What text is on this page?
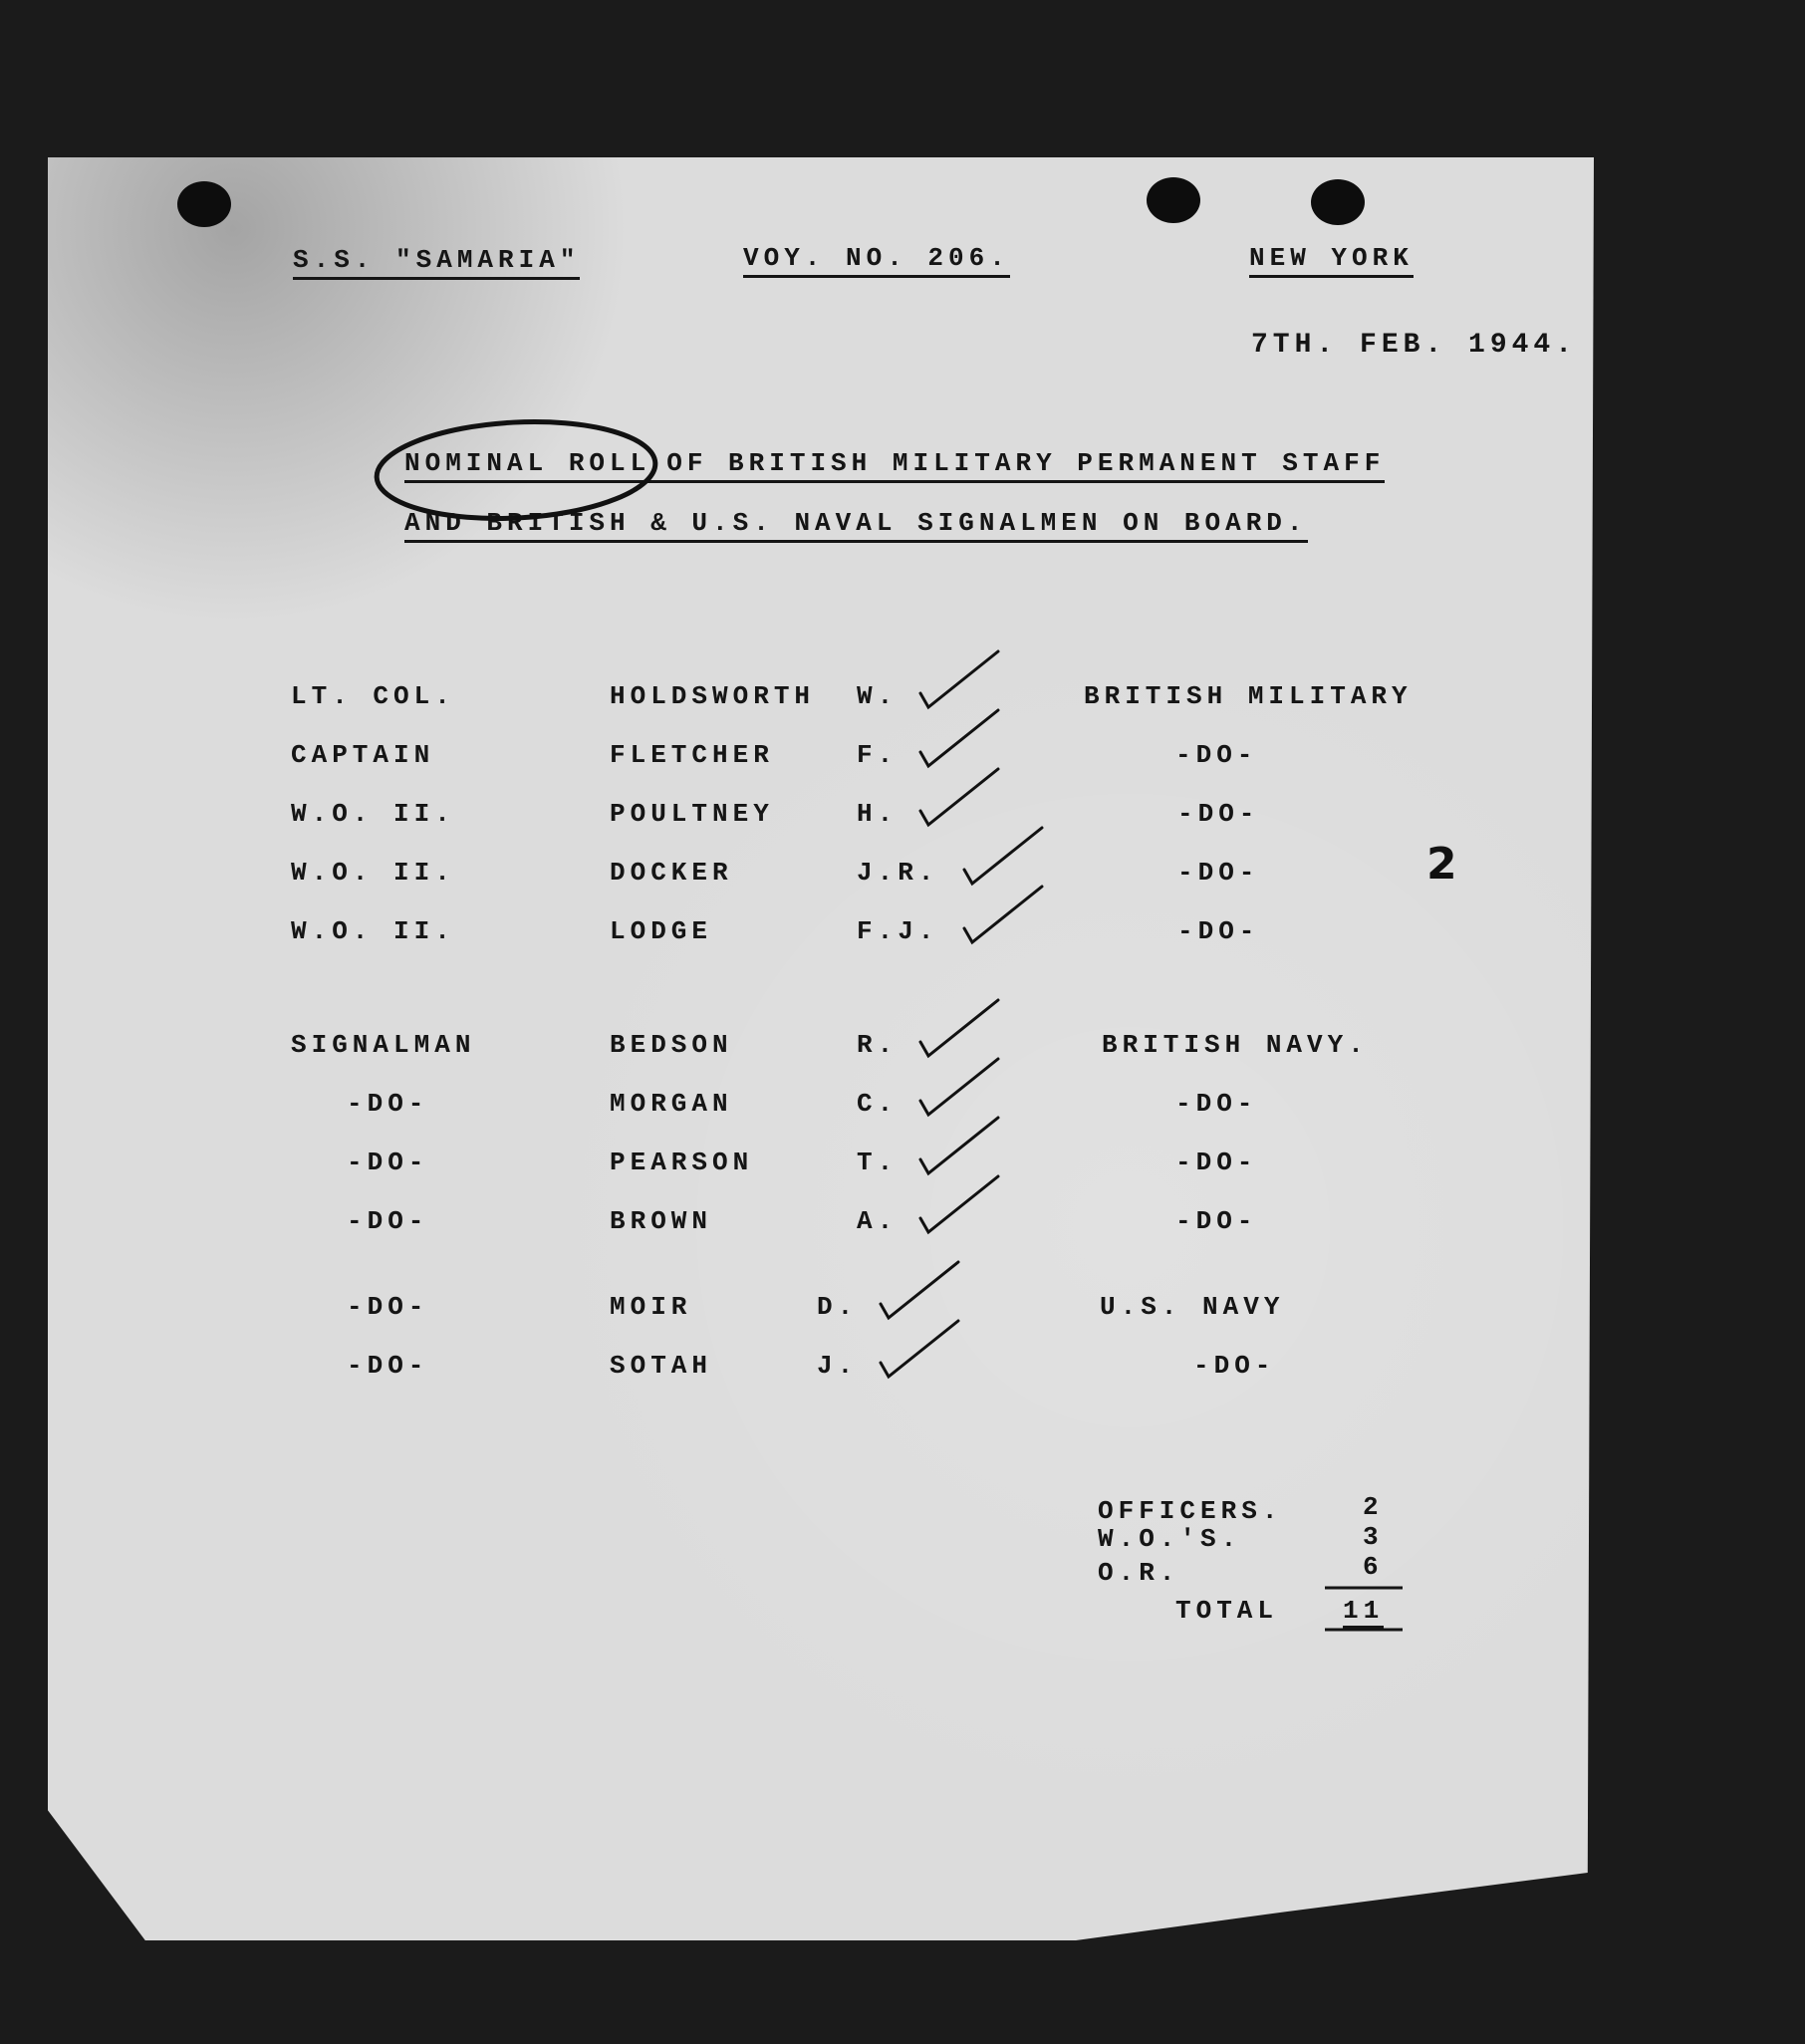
S.S. "SAMARIA"	VOY. NO. 206.	NEW YORK
7TH. FEB. 1944.
NOMINAL ROLL OF BRITISH MILITARY PERMANENT STAFF
AND BRITISH & U.S. NAVAL SIGNALMEN ON BOARD.
LT. COL.	HOLDSWORTH W.	BRITISH MILITARY
CAPTAIN	FLETCHER	F.	-DO-
W.O. II.	POULTNEY	H.	-DO-
W.O. II.	DOCKER	J.R.	-DO-
W.O. II.	LODGE	F.J.	-DO-
SIGNALMAN	BEDSON	R.	BRITISH NAVY.
-DO-	MORGAN	C.	-DO-
-DO-	PEARSON	T.	-DO-
-DO-	BROWN	A.	-DO-
-DO-	MOIR	D.	U.S. NAVY
-DO-	SOTAH	J.	-DO-
2
OFFICERS.	2
W.O.'S.	3
O.R.	6
TOTAL 11
